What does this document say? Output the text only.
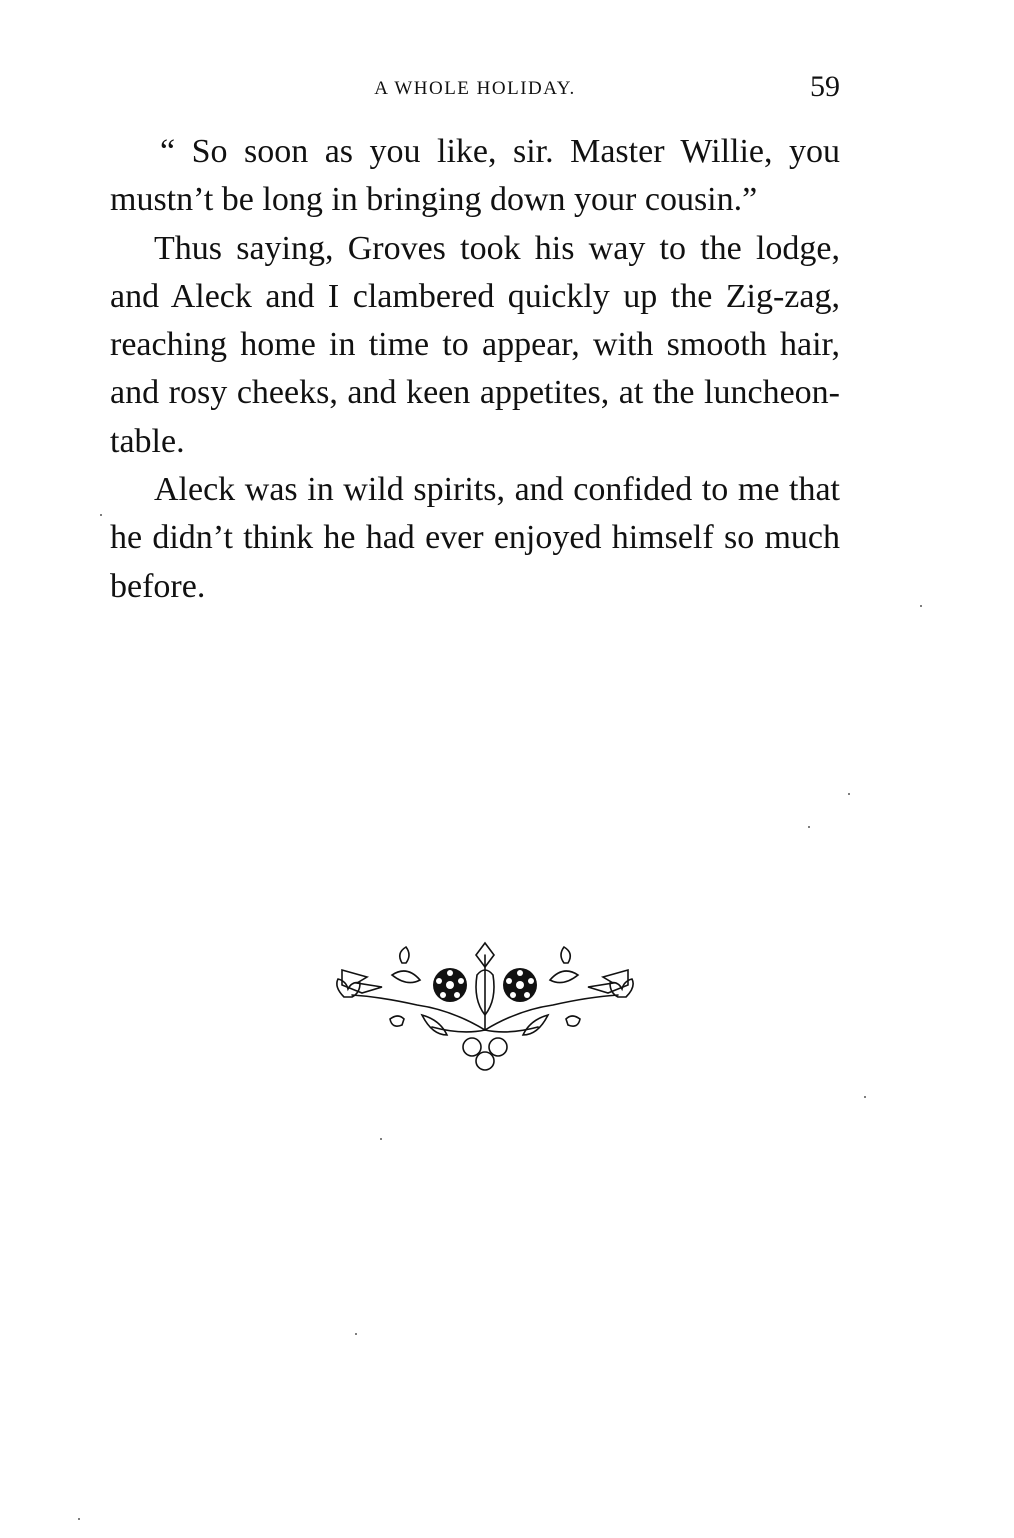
A WHOLE HOLIDAY.	59

“ So soon as you like, sir. Master Willie, you mustn’t be long in bringing down your cousin.”

Thus saying, Groves took his way to the lodge, and Aleck and I clambered quickly up the Zig-zag, reaching home in time to appear, with smooth hair, and rosy cheeks, and keen appetites, at the luncheon-table.

Aleck was in wild spirits, and confided to me that he didn’t think he had ever enjoyed himself so much before.
